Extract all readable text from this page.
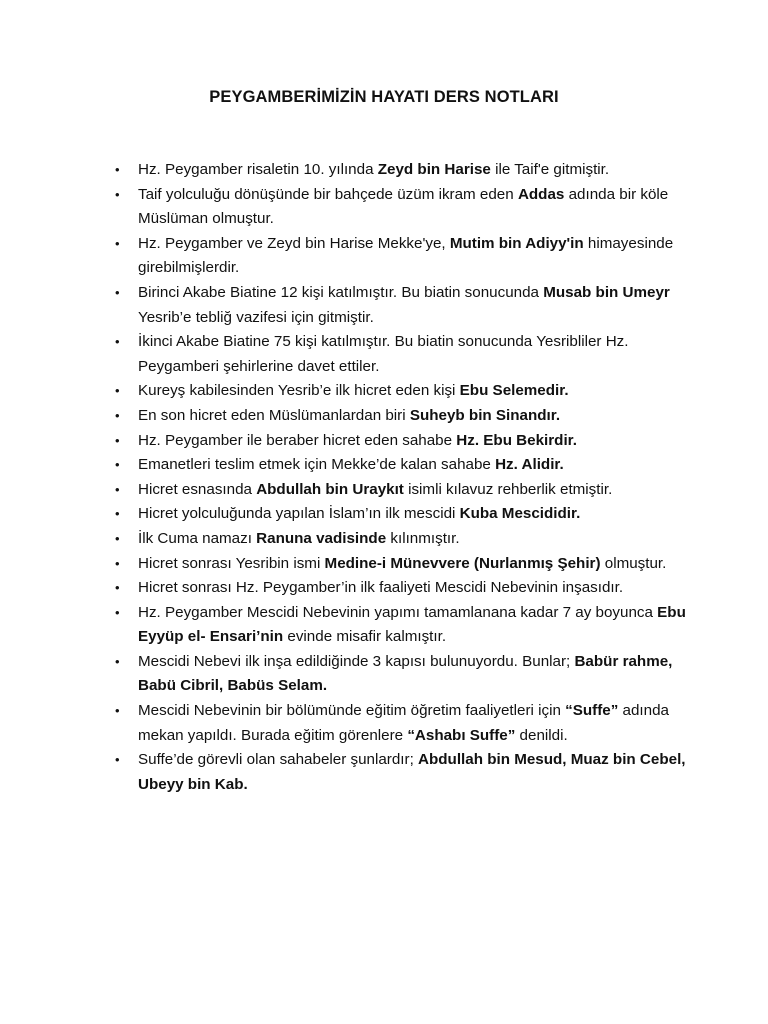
PEYGAMBERİMİZİN HAYATI DERS NOTLARI
• Hz. Peygamber risaletin 10. yılında Zeyd bin Harise ile Taif'e gitmiştir.
• Taif yolculuğu dönüşünde bir bahçede üzüm ikram eden Addas adında bir köle Müslüman olmuştur.
• Hz. Peygamber ve Zeyd bin Harise Mekke'ye, Mutim bin Adiyy'in himayesinde girebilmişlerdir.
• Birinci Akabe Biatine 12 kişi katılmıştır. Bu biatin sonucunda Musab bin Umeyr Yesrib’e tebliğ vazifesi için gitmiştir.
• İkinci Akabe Biatine 75 kişi katılmıştır. Bu biatin sonucunda Yesribliler Hz. Peygamberi şehirlerine davet ettiler.
• Kureyş kabilesinden Yesrib’e ilk hicret eden kişi Ebu Selemedir.
• En son hicret eden Müslümanlardan biri Suheyb bin Sinandır.
• Hz. Peygamber ile beraber hicret eden sahabe Hz. Ebu Bekirdir.
• Emanetleri teslim etmek için Mekke’de kalan sahabe Hz. Alidir.
• Hicret esnasında Abdullah bin Uraykıt isimli kılavuz rehberlik etmiştir.
• Hicret yolculuğunda yapılan İslam’ın ilk mescidi Kuba Mescididir.
• İlk Cuma namazı Ranuna vadisinde kılınmıştır.
• Hicret sonrası Yesribin ismi Medine-i Münevvere (Nurlanmış Şehir) olmuştur.
• Hicret sonrası Hz. Peygamber’in ilk faaliyeti Mescidi Nebevinin inşasıdır.
• Hz. Peygamber Mescidi Nebevinin yapımı tamamlanana kadar 7 ay boyunca Ebu Eyyüp el- Ensari’nin evinde misafir kalmıştır.
• Mescidi Nebevi ilk inşa edildiğinde 3 kapısı bulunuyordu. Bunlar; Babür rahme, Babü Cibril, Babüs Selam.
• Mescidi Nebevinin bir bölümünde eğitim öğretim faaliyetleri için “Suffe” adında mekan yapıldı. Burada eğitim görenlere “Ashabı Suffe” denildi.
• Suffe’de görevli olan sahabeler şunlardır; Abdullah bin Mesud, Muaz bin Cebel, Ubeyy bin Kab.
